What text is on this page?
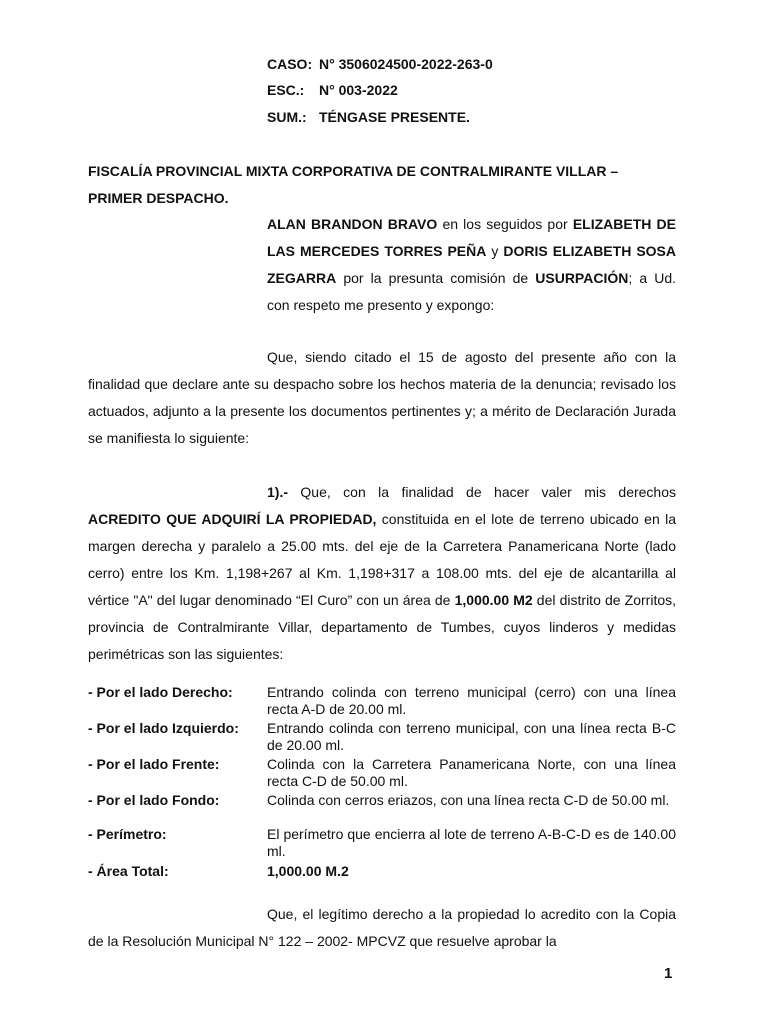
CASO: N° 3506024500-2022-263-0
ESC.: N° 003-2022
SUM.: TÉNGASE PRESENTE.
FISCALÍA PROVINCIAL MIXTA CORPORATIVA DE CONTRALMIRANTE VILLAR –
PRIMER DESPACHO.
ALAN BRANDON BRAVO en los seguidos por ELIZABETH DE LAS MERCEDES TORRES PEÑA y DORIS ELIZABETH SOSA ZEGARRA por la presunta comisión de USURPACIÓN; a Ud. con respeto me presento y expongo:
Que, siendo citado el 15 de agosto del presente año con la finalidad que declare ante su despacho sobre los hechos materia de la denuncia; revisado los actuados, adjunto a la presente los documentos pertinentes y; a mérito de Declaración Jurada se manifiesta lo siguiente:
1).- Que, con la finalidad de hacer valer mis derechos ACREDITO QUE ADQUIRÍ LA PROPIEDAD, constituida en el lote de terreno ubicado en la margen derecha y paralelo a 25.00 mts. del eje de la Carretera Panamericana Norte (lado cerro) entre los Km. 1,198+267 al Km. 1,198+317 a 108.00 mts. del eje de alcantarilla al vértice "A" del lugar denominado “El Curo” con un área de 1,000.00 M2 del distrito de Zorritos, provincia de Contralmirante Villar, departamento de Tumbes, cuyos linderos y medidas perimétricas son las siguientes:
- Por el lado Derecho:	Entrando colinda con terreno municipal (cerro) con una línea recta A-D de 20.00 ml.
- Por el lado Izquierdo:	Entrando colinda con terreno municipal, con una línea recta B-C de 20.00 ml.
- Por el lado Frente:	Colinda con la Carretera Panamericana Norte, con una línea recta C-D de 50.00 ml.
- Por el lado Fondo:	Colinda con cerros eriazos, con una línea recta C-D de 50.00 ml.
- Perímetro:	El perímetro que encierra al lote de terreno A-B-C-D es de 140.00 ml.
- Área Total:	1,000.00 M.2
Que, el legítimo derecho a la propiedad lo acredito con la Copia de la Resolución Municipal N° 122 – 2002- MPCVZ que resuelve aprobar la
1
